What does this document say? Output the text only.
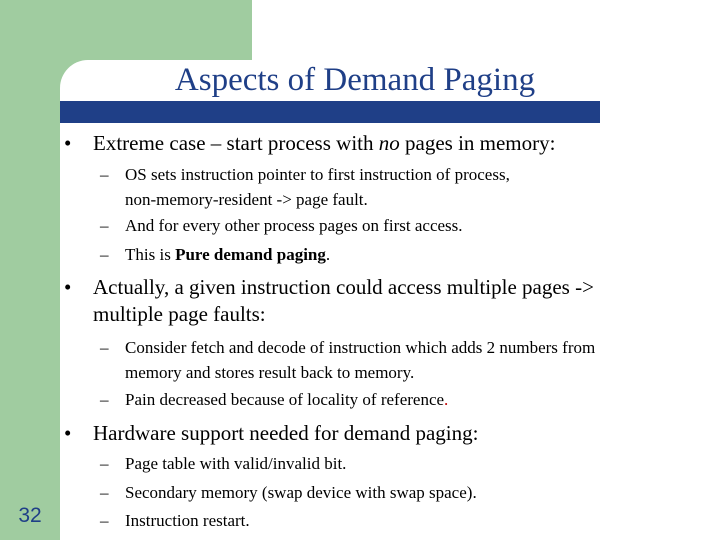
Aspects of Demand Paging
32
•	Extreme case – start process with no pages in memory:
– OS sets instruction pointer to first instruction of process,
non-memory-resident -> page fault.
– And for every other process pages on first access.
– This is Pure demand paging.
•	Actually, a given instruction could access multiple pages ->
multiple page faults:
– Consider fetch and decode of instruction which adds 2 numbers from
memory and stores result back to memory.
– Pain decreased because of locality of reference.
•	Hardware support needed for demand paging:
– Page table with valid/invalid bit.
– Secondary memory (swap device with swap space).
– Instruction restart.
